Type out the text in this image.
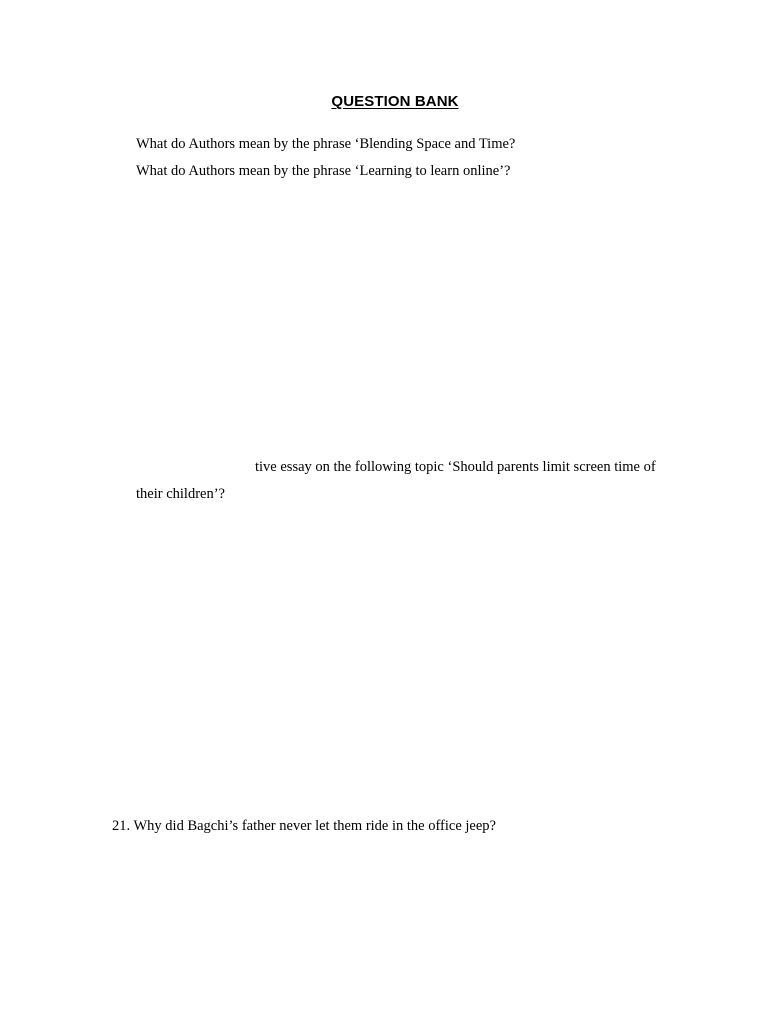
QUESTION BANK
What do Authors mean by the phrase ‘Blending Space and Time?
What do Authors mean by the phrase ‘Learning to learn online’?
tive essay on the following topic ‘Should parents limit screen time of
their children’?
21. Why did Bagchi’s father never let them ride in the office jeep?
